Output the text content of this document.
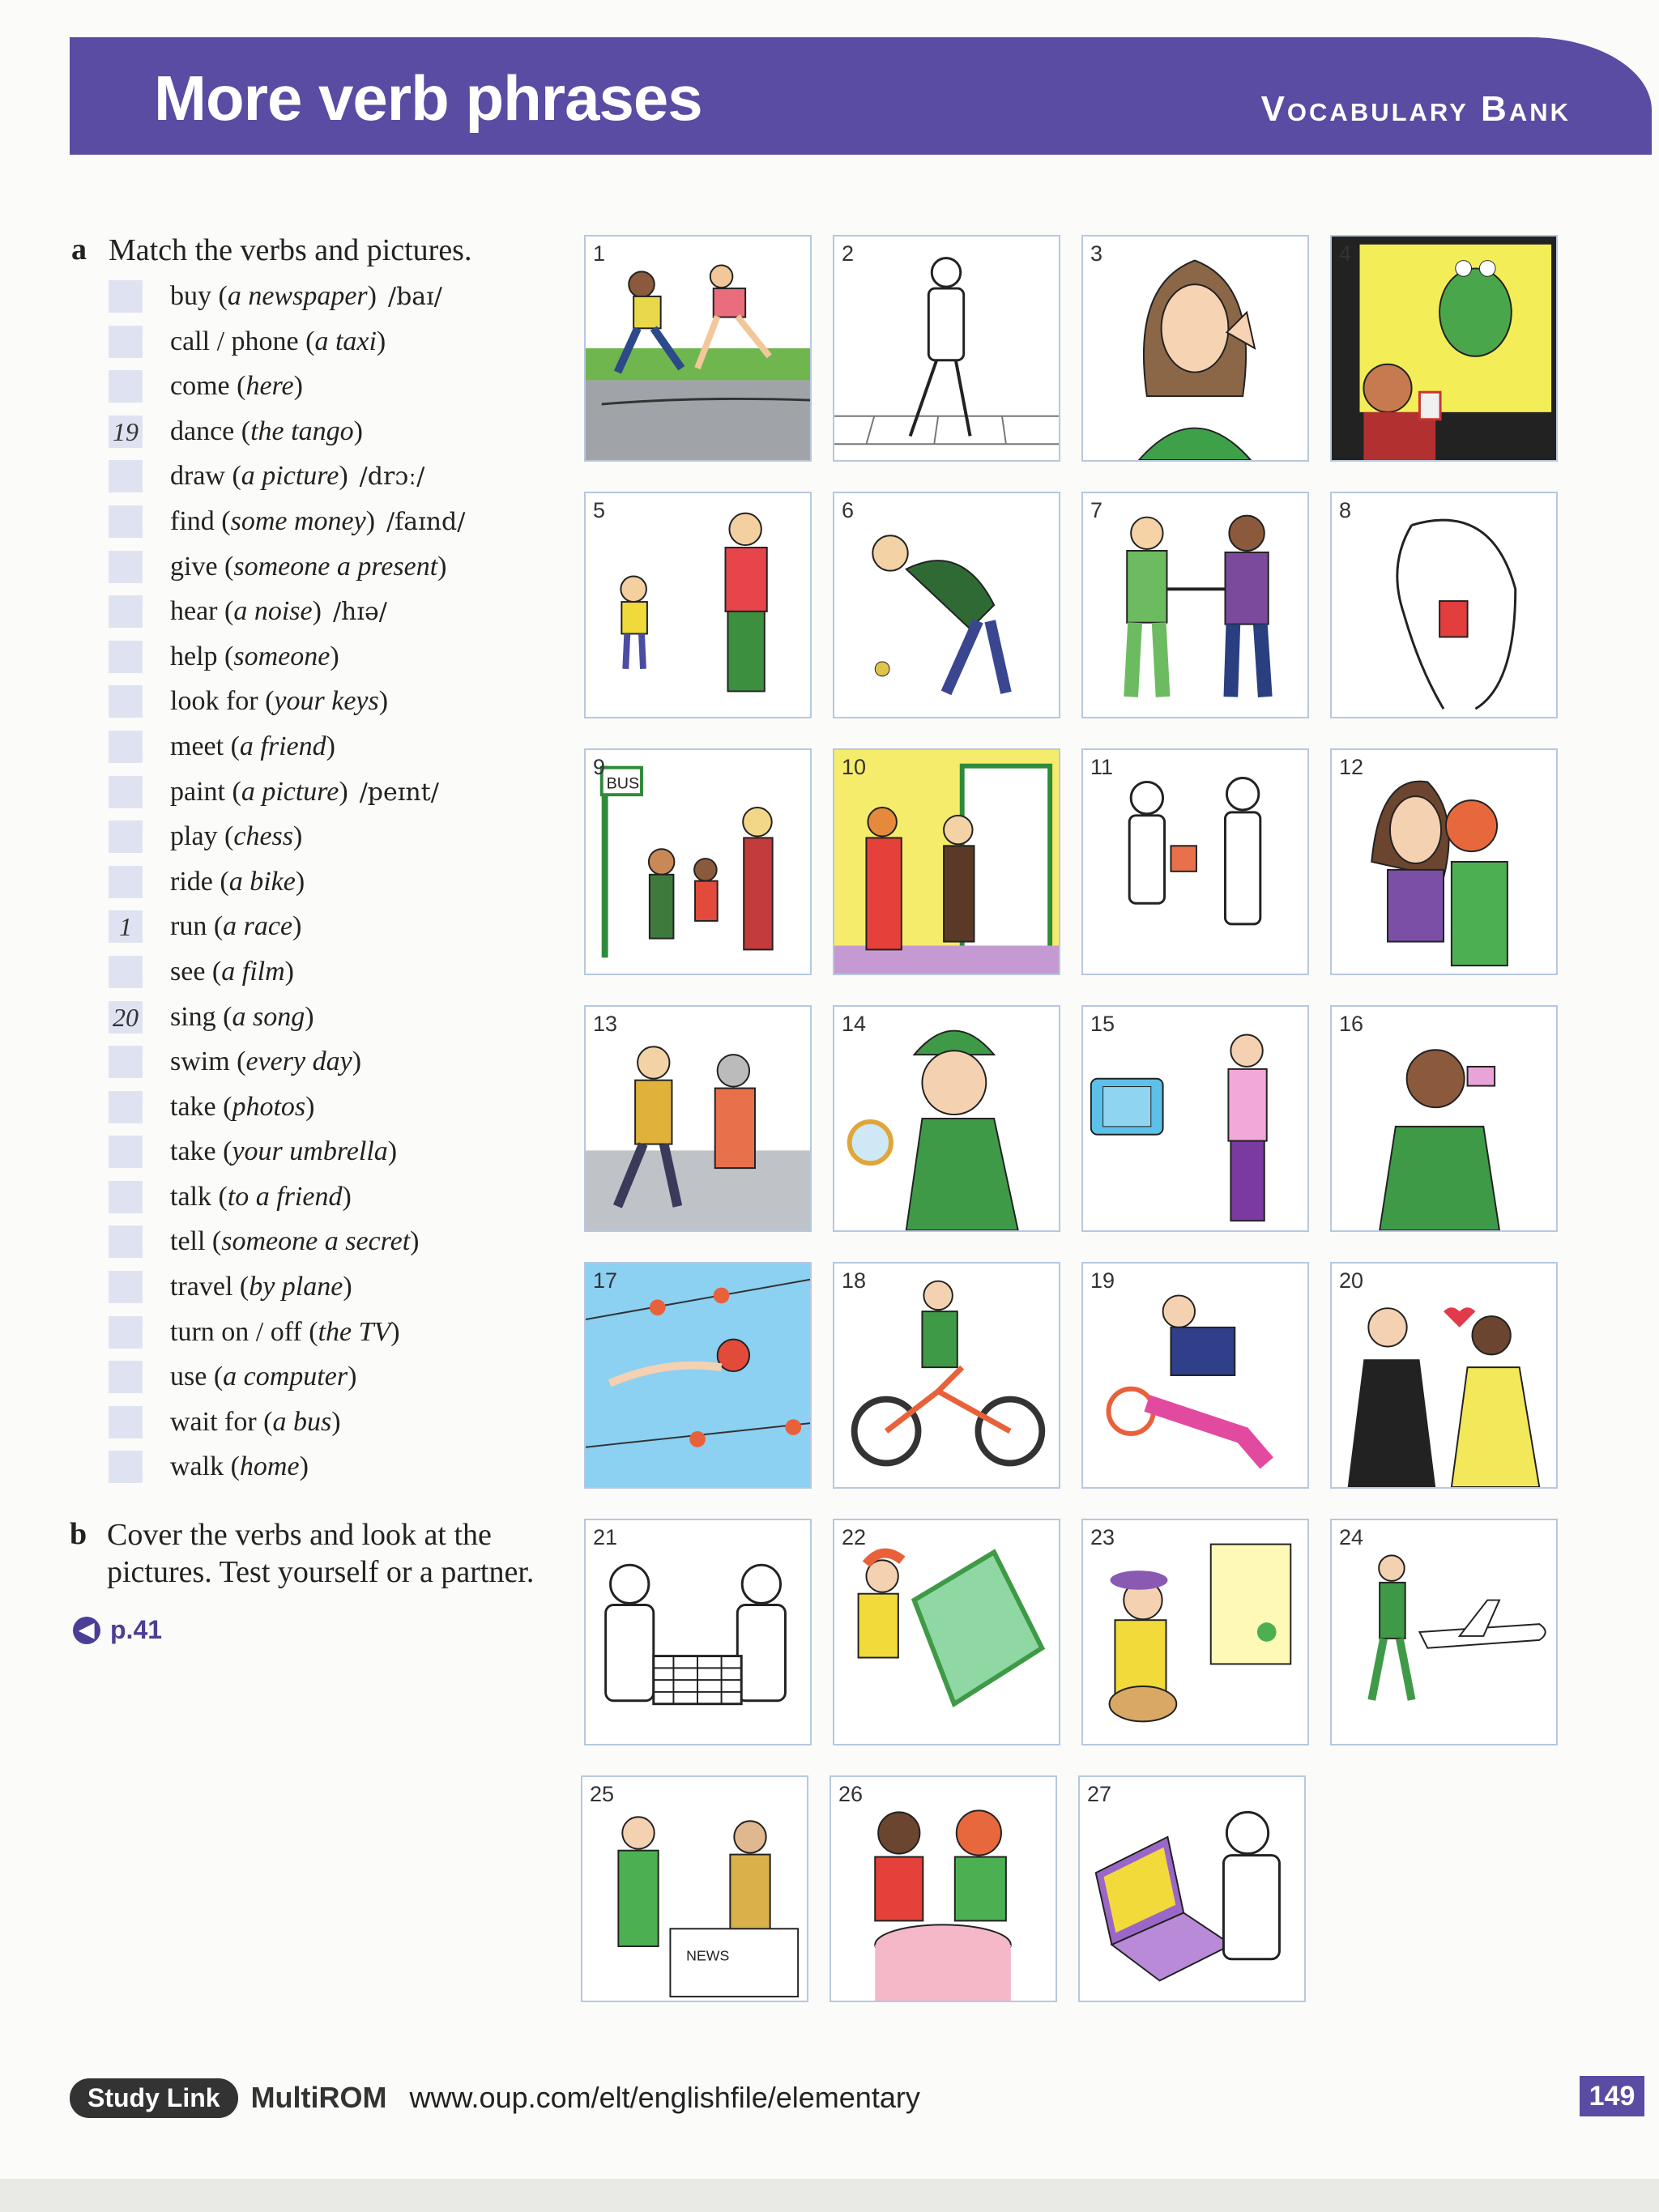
More verb phrases	Vocabulary Bank
a Match the verbs and pictures.
buy (a newspaper) /baɪ/
call / phone (a taxi)
come (here)
19 dance (the tango)
draw (a picture) /drɔː/
find (some money) /faɪnd/
give (someone a present)
hear (a noise) /hɪə/
help (someone)
look for (your keys)
meet (a friend)
paint (a picture) /peɪnt/
play (chess)
ride (a bike)
1	run (a race)
see (a film)
20 sing (a song)
swim (every day)
take (photos)
take (your umbrella)
talk (to a friend)
tell (someone a secret)
travel (by plane)
turn on / off (the TV)
use (a computer)
wait for (a bus)
walk (home)
b Cover the verbs and look at the
pictures. Test yourself or a partner.
◀ p.41
1	2	3	4
5	6	7	8
9
BUS
10	11	12
13	14	15	16
17	18	19	20
21	22	23	24
25
NEWS
26	27
Study Link	MultiROM www.oup.com/elt/englishfile/elementary	149
